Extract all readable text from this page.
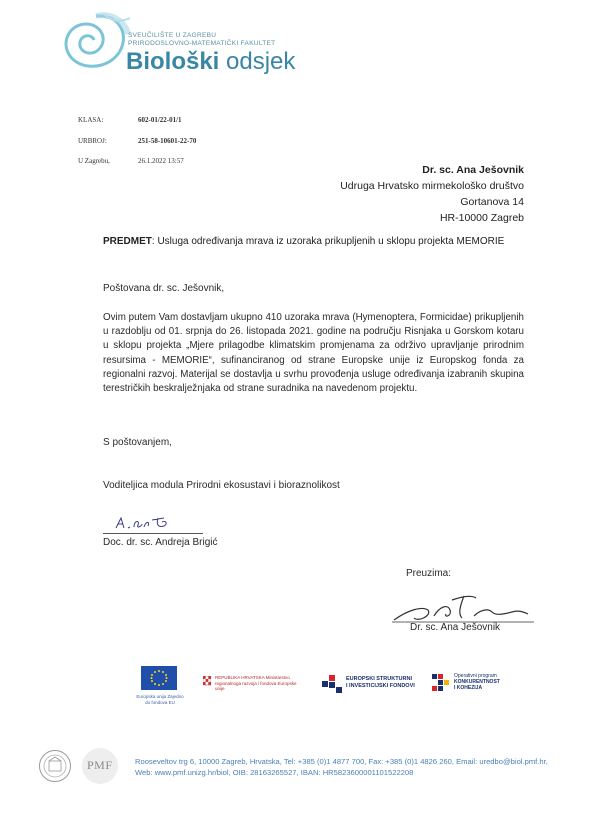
SVEUČILIŠTE U ZAGREBU
PRIRODOSLOVNO-MATEMATIČKI FAKULTET
Biološki odsjek
KLASA:	602-01/22-01/1
URBROJ:	251-58-10601-22-70
U Zagrebu,	26.1.2022 13:57
Dr. sc. Ana Ješovnik
Udruga Hrvatsko mirmekološko društvo
Gortanova 14
HR-10000 Zagreb
PREDMET: Usluga određivanja mrava iz uzoraka prikupljenih u sklopu projekta MEMORIE
Poštovana dr. sc. Ješovnik,
Ovim putem Vam dostavljam ukupno 410 uzoraka mrava (Hymenoptera, Formicidae) prikupljenih u razdoblju od 01. srpnja do 26. listopada 2021. godine na području Risnjaka u Gorskom kotaru u sklopu projekta „Mjere prilagodbe klimatskim promjenama za održivo upravljanje prirodnim resursima - MEMORIE“, sufinanciranog od strane Europske unije iz Europskog fonda za regionalni razvoj. Materijal se dostavlja u svrhu provođenja usluge određivanja izabranih skupina terestričkih beskralježnjaka od strane suradnika na navedenom projektu.
S poštovanjem,
Voditeljica modula Prirodni ekosustavi i bioraznolikost
Doc. dr. sc. Andreja Brigić
Preuzima:
Dr. sc. Ana Ješovnik
Europska unija Zajedno do fondova EU
REPUBLIKA HRVATSKA Ministarstvo regionalnoga razvoja i fondova Europske unije
EUROPSKI STRUKTURNI
I INVESTICIJSKI FONDOVI
Operativni program
KONKURENTNOST
I KOHEZIJA
PMF	Rooseveltov trg 6, 10000 Zagreb, Hrvatska, Tel: +385 (0)1 4877 700, Fax: +385 (0)1 4826 260, Email: uredbo@biol.pmf.hr,
Web: www.pmf.unizg.hr/biol, OIB: 28163265527, IBAN: HR5823600001101522208
